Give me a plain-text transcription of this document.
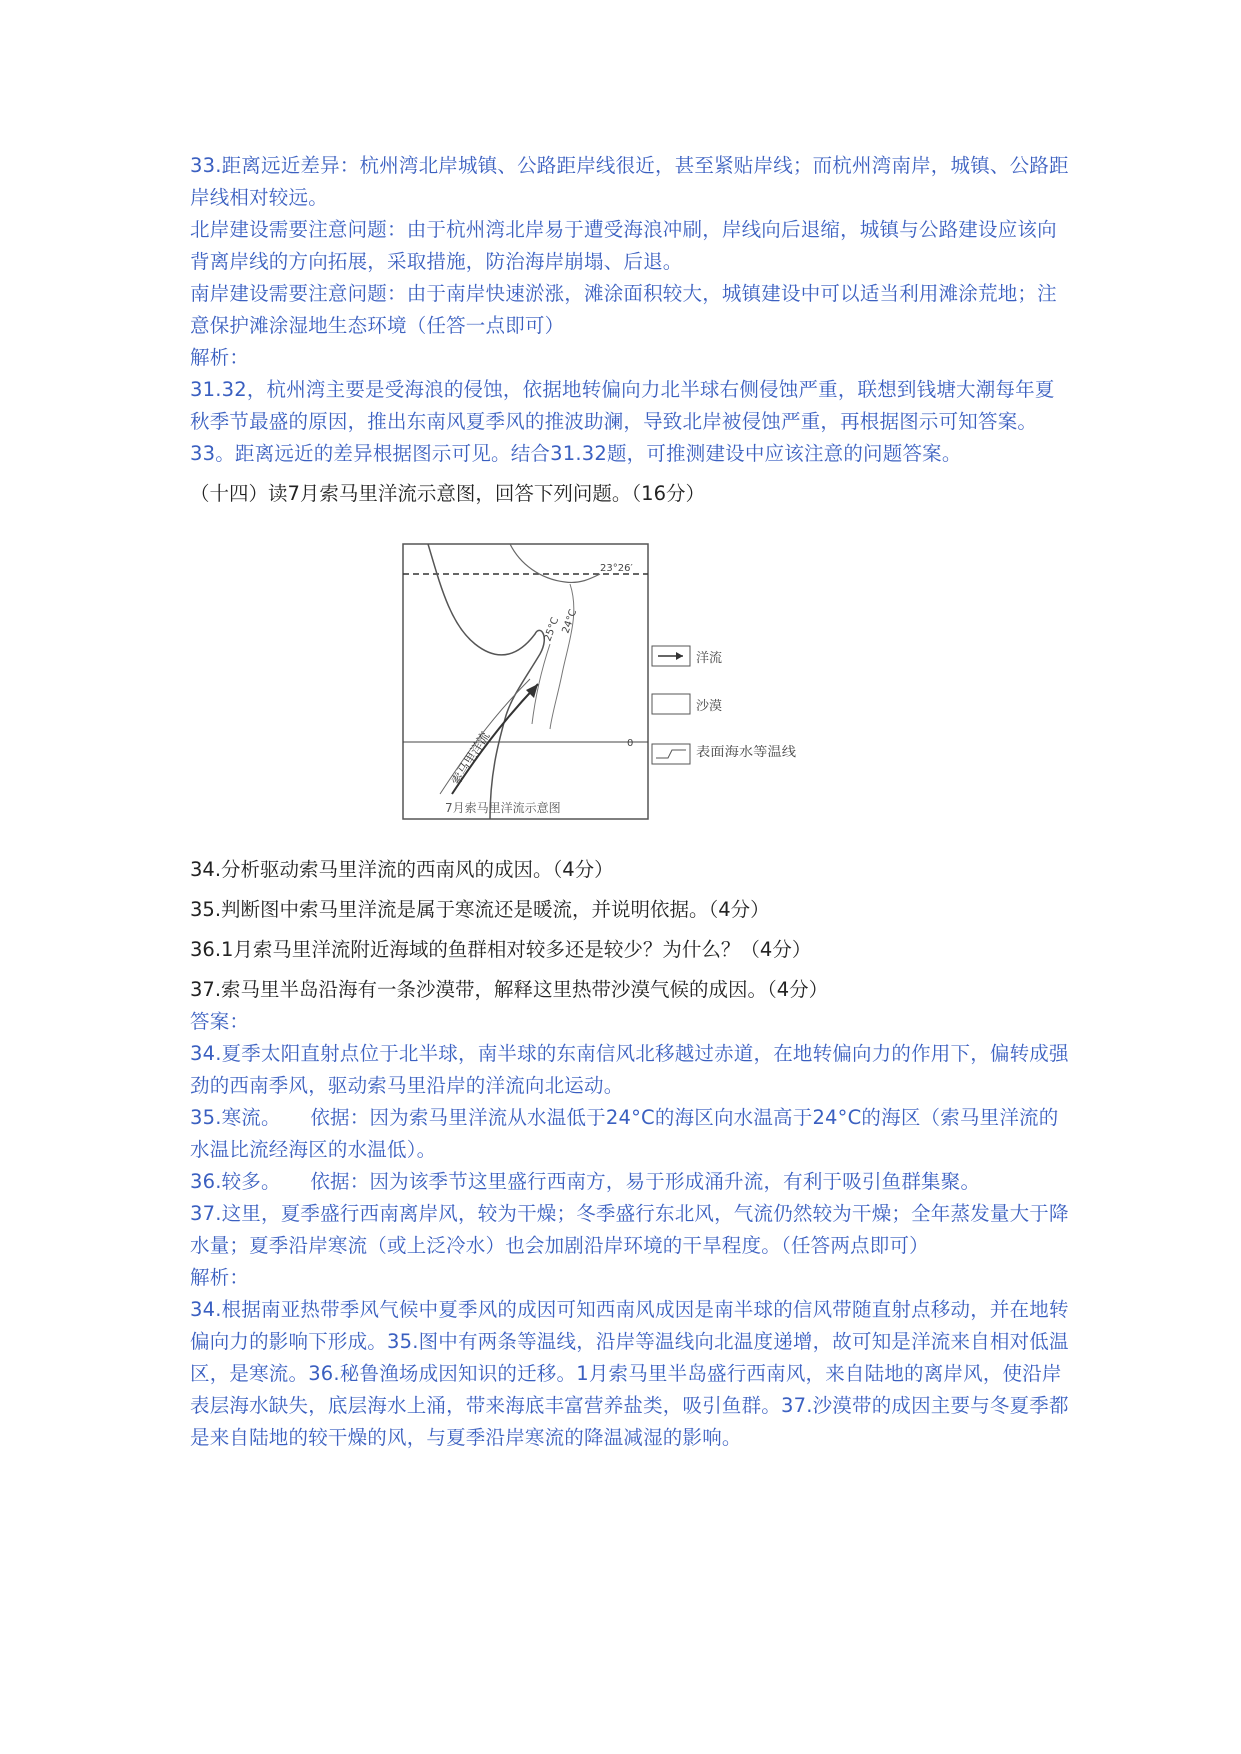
33.距离远近差异：杭州湾北岸城镇、公路距岸线很近，甚至紧贴岸线；而杭州湾南岸，城镇、公路距岸线相对较远。

北岸建设需要注意问题：由于杭州湾北岸易于遭受海浪冲刷，岸线向后退缩，城镇与公路建设应该向背离岸线的方向拓展，采取措施，防治海岸崩塌、后退。

南岸建设需要注意问题：由于南岸快速淤涨，滩涂面积较大，城镇建设中可以适当利用滩涂荒地；注意保护滩涂湿地生态环境（任答一点即可）

解析：

31.32，杭州湾主要是受海浪的侵蚀，依据地转偏向力北半球右侧侵蚀严重，联想到钱塘大潮每年夏秋季节最盛的原因，推出东南风夏季风的推波助澜，导致北岸被侵蚀严重，再根据图示可知答案。33。距离远近的差异根据图示可见。结合31.32题，可推测建设中应该注意的问题答案。

（十四）读7月索马里洋流示意图，回答下列问题。（16分）

23°26′
0
25°C 24°C
索马里洋流
7月索马里洋流示意图
洋流
沙漠
表面海水等温线

34.分析驱动索马里洋流的西南风的成因。（4分）

35.判断图中索马里洋流是属于寒流还是暖流，并说明依据。（4分）

36.1月索马里洋流附近海域的鱼群相对较多还是较少？为什么？（4分）

37.索马里半岛沿海有一条沙漠带，解释这里热带沙漠气候的成因。（4分）

答案：

34.夏季太阳直射点位于北半球，南半球的东南信风北移越过赤道，在地转偏向力的作用下，偏转成强劲的西南季风，驱动索马里沿岸的洋流向北运动。

35.寒流。　　依据：因为索马里洋流从水温低于24°C的海区向水温高于24°C的海区（索马里洋流的水温比流经海区的水温低）。

36.较多。　　依据：因为该季节这里盛行西南方，易于形成涌升流，有利于吸引鱼群集聚。

37.这里，夏季盛行西南离岸风，较为干燥；冬季盛行东北风，气流仍然较为干燥；全年蒸发量大于降水量；夏季沿岸寒流（或上泛冷水）也会加剧沿岸环境的干旱程度。（任答两点即可）

解析：

34.根据南亚热带季风气候中夏季风的成因可知西南风成因是南半球的信风带随直射点移动，并在地转偏向力的影响下形成。35.图中有两条等温线，沿岸等温线向北温度递增，故可知是洋流来自相对低温区，是寒流。36.秘鲁渔场成因知识的迁移。1月索马里半岛盛行西南风，来自陆地的离岸风，使沿岸表层海水缺失，底层海水上涌，带来海底丰富营养盐类，吸引鱼群。37.沙漠带的成因主要与冬夏季都是来自陆地的较干燥的风，与夏季沿岸寒流的降温减湿的影响。
